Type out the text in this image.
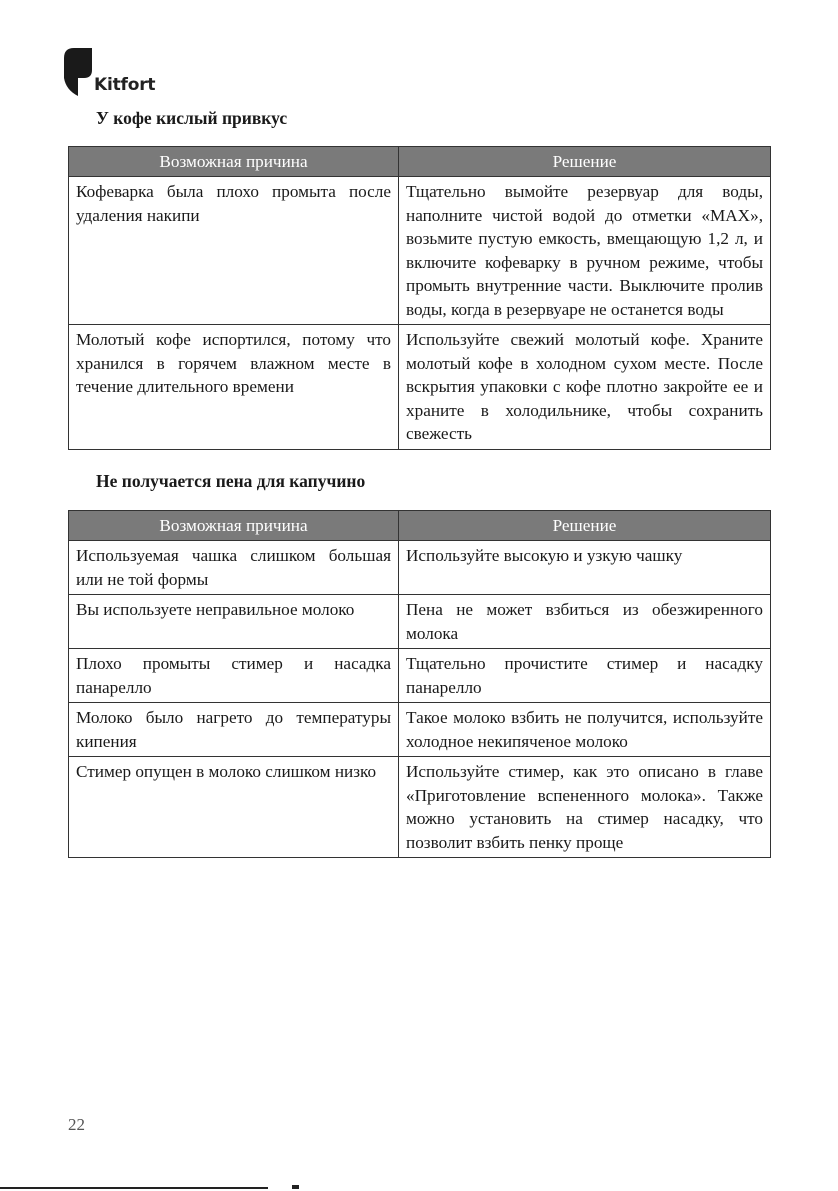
Kitfort
У кофе кислый привкус
Возможная причина	Решение
Кофеварка была плохо промыта после удаления накипи	Тщательно вымойте резервуар для воды, наполните чистой водой до отметки «MAX», возьмите пустую емкость, вмещающую 1,2 л, и включите кофеварку в ручном режиме, чтобы промыть внутренние части. Выключите пролив воды, когда в резервуаре не останется воды
Молотый кофе испортился, потому что хранился в горячем влажном месте в течение длительного времени	Используйте свежий молотый кофе. Храните молотый кофе в холодном сухом месте. После вскрытия упаковки с кофе плотно закройте ее и храните в холодильнике, чтобы сохранить свежесть
Не получается пена для капучино
Возможная причина	Решение
Используемая чашка слишком большая или не той формы	Используйте высокую и узкую чашку
Вы используете неправильное молоко	Пена не может взбиться из обезжиренного молока
Плохо промыты стимер и насадка панарелло	Тщательно прочистите стимер и насадку панарелло
Молоко было нагрето до температуры кипения	Такое молоко взбить не получится, используйте холодное некипяченое молоко
Стимер опущен в молоко слишком низко	Используйте стимер, как это описано в главе «Приготовление вспененного молока». Также можно установить на стимер насадку, что позволит взбить пенку проще
22
